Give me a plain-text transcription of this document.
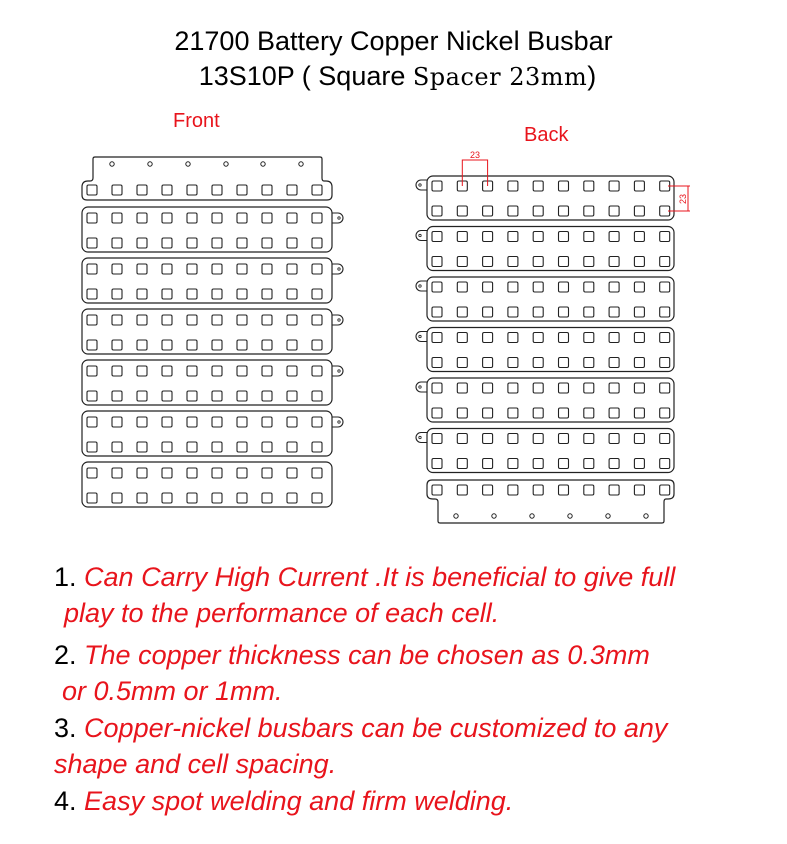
21700 Battery Copper Nickel Busbar
13S10P ( Square Spacer 23mm)
Front
Back
23
23
1. Can Carry High Current .It is beneficial to give full
play to the performance of each cell.
2. The copper thickness can be chosen as 0.3mm
or 0.5mm or 1mm.
3. Copper-nickel busbars can be customized to any
shape and cell spacing.
4. Easy spot welding and firm welding.
